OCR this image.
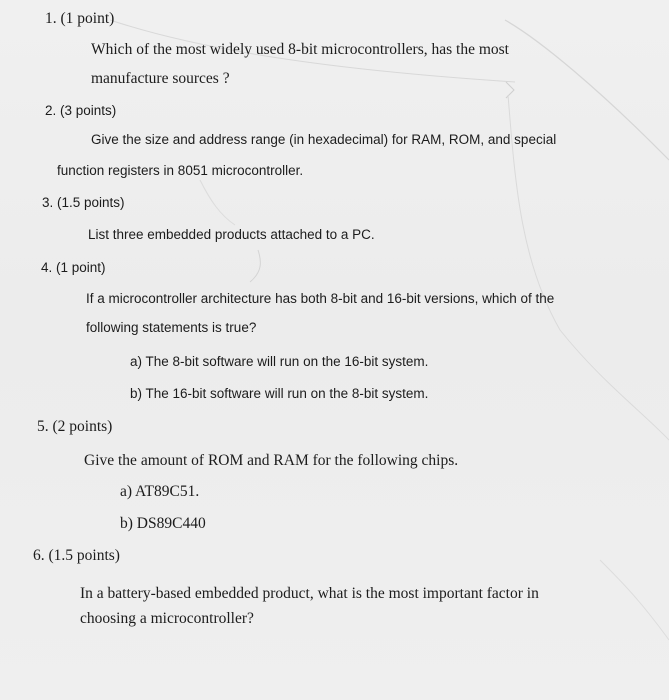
1. (1 point)
Which of the most widely used 8-bit microcontrollers, has the most
manufacture sources ?
2. (3 points)
Give the size and address range (in hexadecimal) for RAM, ROM, and special
function registers in 8051 microcontroller.
3. (1.5 points)
List three embedded products attached to a PC.
4. (1 point)
If a microcontroller architecture has both 8-bit and 16-bit versions, which of the
following statements is true?
a) The 8-bit software will run on the 16-bit system.
b) The 16-bit software will run on the 8-bit system.
5. (2 points)
Give the amount of ROM and RAM for the following chips.
a) AT89C51.
b) DS89C440
6. (1.5 points)
In a battery-based embedded product, what is the most important factor in
choosing a microcontroller?
